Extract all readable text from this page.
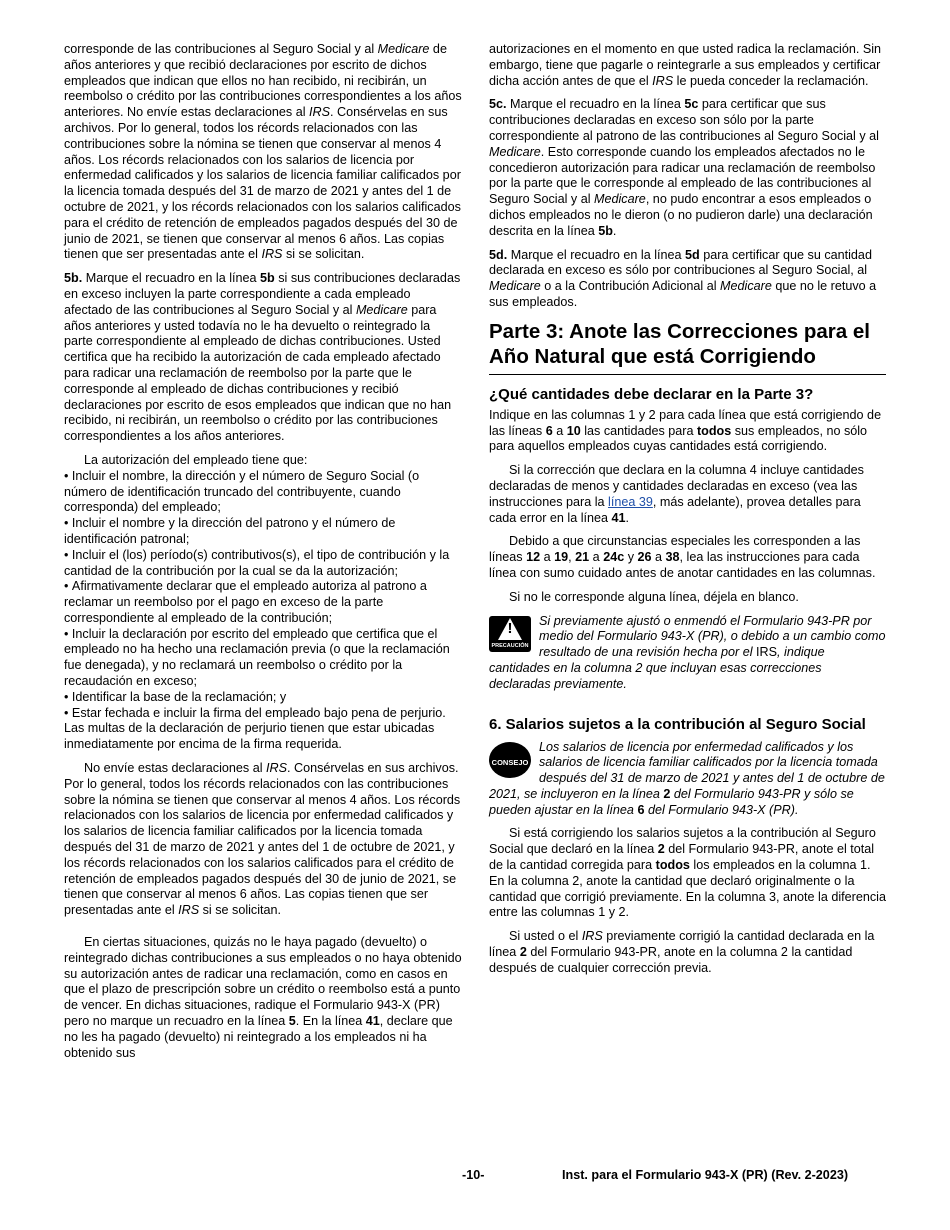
corresponde de las contribuciones al Seguro Social y al Medicare de años anteriores y que recibió declaraciones por escrito de dichos empleados que indican que ellos no han recibido, ni recibirán, un reembolso o crédito por las contribuciones correspondientes a los años anteriores. No envíe estas declaraciones al IRS. Consérvelas en sus archivos. Por lo general, todos los récords relacionados con las contribuciones sobre la nómina se tienen que conservar al menos 4 años. Los récords relacionados con los salarios de licencia por enfermedad calificados y los salarios de licencia familiar calificados por la licencia tomada después del 31 de marzo de 2021 y antes del 1 de octubre de 2021, y los récords relacionados con los salarios calificados para el crédito de retención de empleados pagados después del 30 de junio de 2021, se tienen que conservar al menos 6 años. Las copias tienen que ser presentadas ante el IRS si se solicitan.

5b. Marque el recuadro en la línea 5b si sus contribuciones declaradas en exceso incluyen la parte correspondiente a cada empleado afectado de las contribuciones al Seguro Social y al Medicare para años anteriores y usted todavía no le ha devuelto o reintegrado la parte correspondiente al empleado de dichas contribuciones. Usted certifica que ha recibido la autorización de cada empleado afectado para radicar una reclamación de reembolso por la parte que le corresponde al empleado de dichas contribuciones y recibió declaraciones por escrito de esos empleados que indican que no han recibido, ni recibirán, un reembolso o crédito por las contribuciones correspondientes a los años anteriores.

La autorización del empleado tiene que:

• Incluir el nombre, la dirección y el número de Seguro Social (o número de identificación truncado del contribuyente, cuando corresponda) del empleado;
• Incluir el nombre y la dirección del patrono y el número de identificación patronal;
• Incluir el (los) período(s) contributivos(s), el tipo de contribución y la cantidad de la contribución por la cual se da la autorización;
• Afirmativamente declarar que el empleado autoriza al patrono a reclamar un reembolso por el pago en exceso de la parte correspondiente al empleado de la contribución;
• Incluir la declaración por escrito del empleado que certifica que el empleado no ha hecho una reclamación previa (o que la reclamación fue denegada), y no reclamará un reembolso o crédito por la recaudación en exceso;
• Identificar la base de la reclamación; y
• Estar fechada e incluir la firma del empleado bajo pena de perjurio. Las multas de la declaración de perjurio tienen que estar ubicadas inmediatamente por encima de la firma requerida.

No envíe estas declaraciones al IRS. Consérvelas en sus archivos. Por lo general, todos los récords relacionados con las contribuciones sobre la nómina se tienen que conservar al menos 4 años. Los récords relacionados con los salarios de licencia por enfermedad calificados y los salarios de licencia familiar calificados por la licencia tomada después del 31 de marzo de 2021 y antes del 1 de octubre de 2021, y los récords relacionados con los salarios calificados para el crédito de retención de empleados pagados después del 30 de junio de 2021, se tienen que conservar al menos 6 años. Las copias tienen que ser presentadas ante el IRS si se solicitan.

En ciertas situaciones, quizás no le haya pagado (devuelto) o reintegrado dichas contribuciones a sus empleados o no haya obtenido su autorización antes de radicar una reclamación, como en casos en que el plazo de prescripción sobre un crédito o reembolso está a punto de vencer. En dichas situaciones, radique el Formulario 943-X (PR) pero no marque un recuadro en la línea 5. En la línea 41, declare que no les ha pagado (devuelto) ni reintegrado a los empleados ni ha obtenido sus

autorizaciones en el momento en que usted radica la reclamación. Sin embargo, tiene que pagarle o reintegrarle a sus empleados y certificar dicha acción antes de que el IRS le pueda conceder la reclamación.

5c. Marque el recuadro en la línea 5c para certificar que sus contribuciones declaradas en exceso son sólo por la parte correspondiente al patrono de las contribuciones al Seguro Social y al Medicare. Esto corresponde cuando los empleados afectados no le concedieron autorización para radicar una reclamación de reembolso por la parte que le corresponde al empleado de las contribuciones al Seguro Social y al Medicare, no pudo encontrar a esos empleados o dichos empleados no le dieron (o no pudieron darle) una declaración descrita en la línea 5b.

5d. Marque el recuadro en la línea 5d para certificar que su cantidad declarada en exceso es sólo por contribuciones al Seguro Social, al Medicare o a la Contribución Adicional al Medicare que no le retuvo a sus empleados.

Parte 3: Anote las Correcciones para el Año Natural que está Corrigiendo
¿Qué cantidades debe declarar en la Parte 3?

Indique en las columnas 1 y 2 para cada línea que está corrigiendo de las líneas 6 a 10 las cantidades para todos sus empleados, no sólo para aquellos empleados cuyas cantidades está corrigiendo.

Si la corrección que declara en la columna 4 incluye cantidades declaradas de menos y cantidades declaradas en exceso (vea las instrucciones para la línea 39, más adelante), provea detalles para cada error en la línea 41.

Debido a que circunstancias especiales les corresponden a las líneas 12 a 19, 21 a 24c y 26 a 38, lea las instrucciones para cada línea con sumo cuidado antes de anotar cantidades en las columnas.

Si no le corresponde alguna línea, déjela en blanco.

!
PRECAUCIÓN
Si previamente ajustó o enmendó el Formulario 943-PR por medio del Formulario 943-X (PR), o debido a un cambio como resultado de una revisión hecha por el IRS, indique cantidades en la columna 2 que incluyan esas correcciones declaradas previamente.
6. Salarios sujetos a la contribución al Seguro Social
CONSEJO
Los salarios de licencia por enfermedad calificados y los salarios de licencia familiar calificados por la licencia tomada después del 31 de marzo de 2021 y antes del 1 de octubre de 2021, se incluyeron en la línea 2 del Formulario 943-PR y sólo se pueden ajustar en la línea 6 del Formulario 943-X (PR).

Si está corrigiendo los salarios sujetos a la contribución al Seguro Social que declaró en la línea 2 del Formulario 943-PR, anote el total de la cantidad corregida para todos los empleados en la columna 1. En la columna 2, anote la cantidad que declaró originalmente o la cantidad que corrigió previamente. En la columna 3, anote la diferencia entre las columnas 1 y 2.

Si usted o el IRS previamente corrigió la cantidad declarada en la línea 2 del Formulario 943-PR, anote en la columna 2 la cantidad después de cualquier corrección previa.

-10-	Inst. para el Formulario 943-X (PR) (Rev. 2-2023)
